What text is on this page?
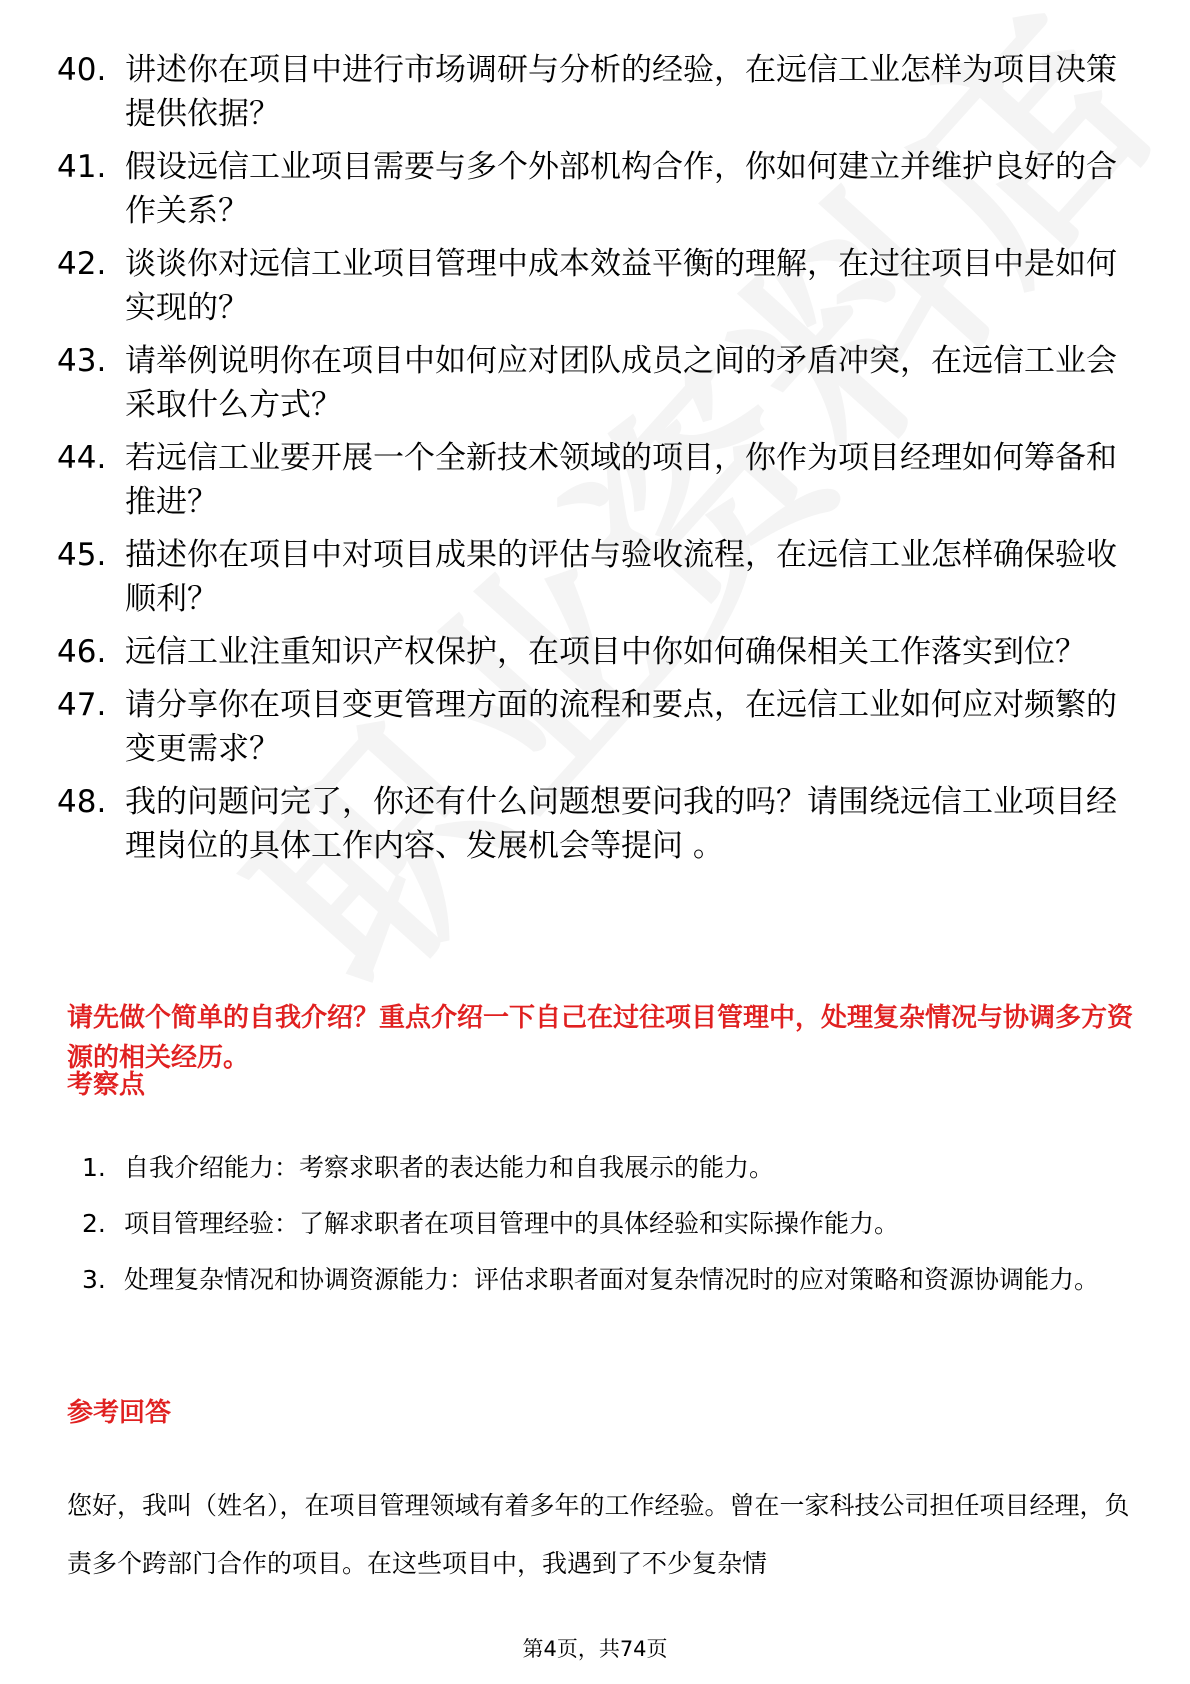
40. 讲述你在项目中进行市场调研与分析的经验，在远信工业怎样为项目决策提供依据？
41. 假设远信工业项目需要与多个外部机构合作，你如何建立并维护良好的合作关系？
42. 谈谈你对远信工业项目管理中成本效益平衡的理解，在过往项目中是如何实现的？
43. 请举例说明你在项目中如何应对团队成员之间的矛盾冲突，在远信工业会采取什么方式？
44. 若远信工业要开展一个全新技术领域的项目，你作为项目经理如何筹备和推进？
45. 描述你在项目中对项目成果的评估与验收流程，在远信工业怎样确保验收顺利？
46. 远信工业注重知识产权保护，在项目中你如何确保相关工作落实到位？
47. 请分享你在项目变更管理方面的流程和要点，在远信工业如何应对频繁的变更需求？
48. 我的问题问完了，你还有什么问题想要问我的吗？请围绕远信工业项目经理岗位的具体工作内容、发展机会等提问 。
请先做个简单的自我介绍？重点介绍一下自己在过往项目管理中，处理复杂情况与协调多方资源的相关经历。
考察点
1. 自我介绍能力：考察求职者的表达能力和自我展示的能力。
2. 项目管理经验：了解求职者在项目管理中的具体经验和实际操作能力。
3. 处理复杂情况和协调资源能力：评估求职者面对复杂情况时的应对策略和资源协调能力。
参考回答
您好，我叫（姓名），在项目管理领域有着多年的工作经验。曾在一家科技公司担任项目经理，负责多个跨部门合作的项目。在这些项目中，我遇到了不少复杂情
第4页，共74页
